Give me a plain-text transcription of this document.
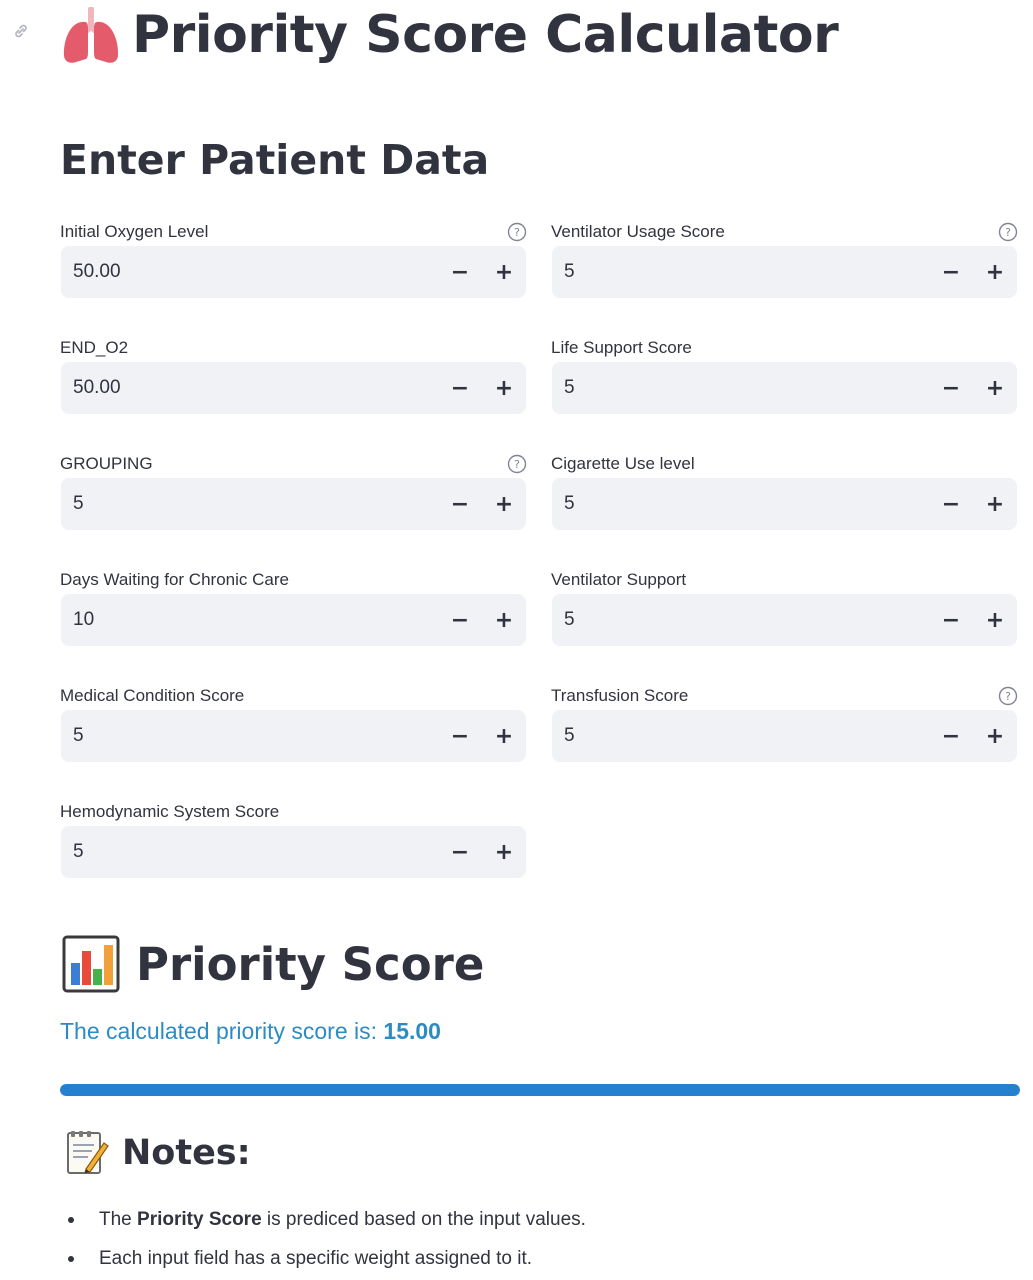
Priority Score Calculator
Enter Patient Data
Initial Oxygen Level	?
50.00	−	+
Ventilator Usage Score	?
5	−	+
END_O2
50.00	−	+
Life Support Score
5	−	+
GROUPING	?
5	−	+
Cigarette Use level
5	−	+
Days Waiting for Chronic Care
10	−	+
Ventilator Support
5	−	+
Medical Condition Score
5	−	+
Transfusion Score	?
5	−	+
Hemodynamic System Score
5	−	+
Priority Score
The calculated priority score is: 15.00
Notes:
The Priority Score is prediced based on the input values.
Each input field has a specific weight assigned to it.
